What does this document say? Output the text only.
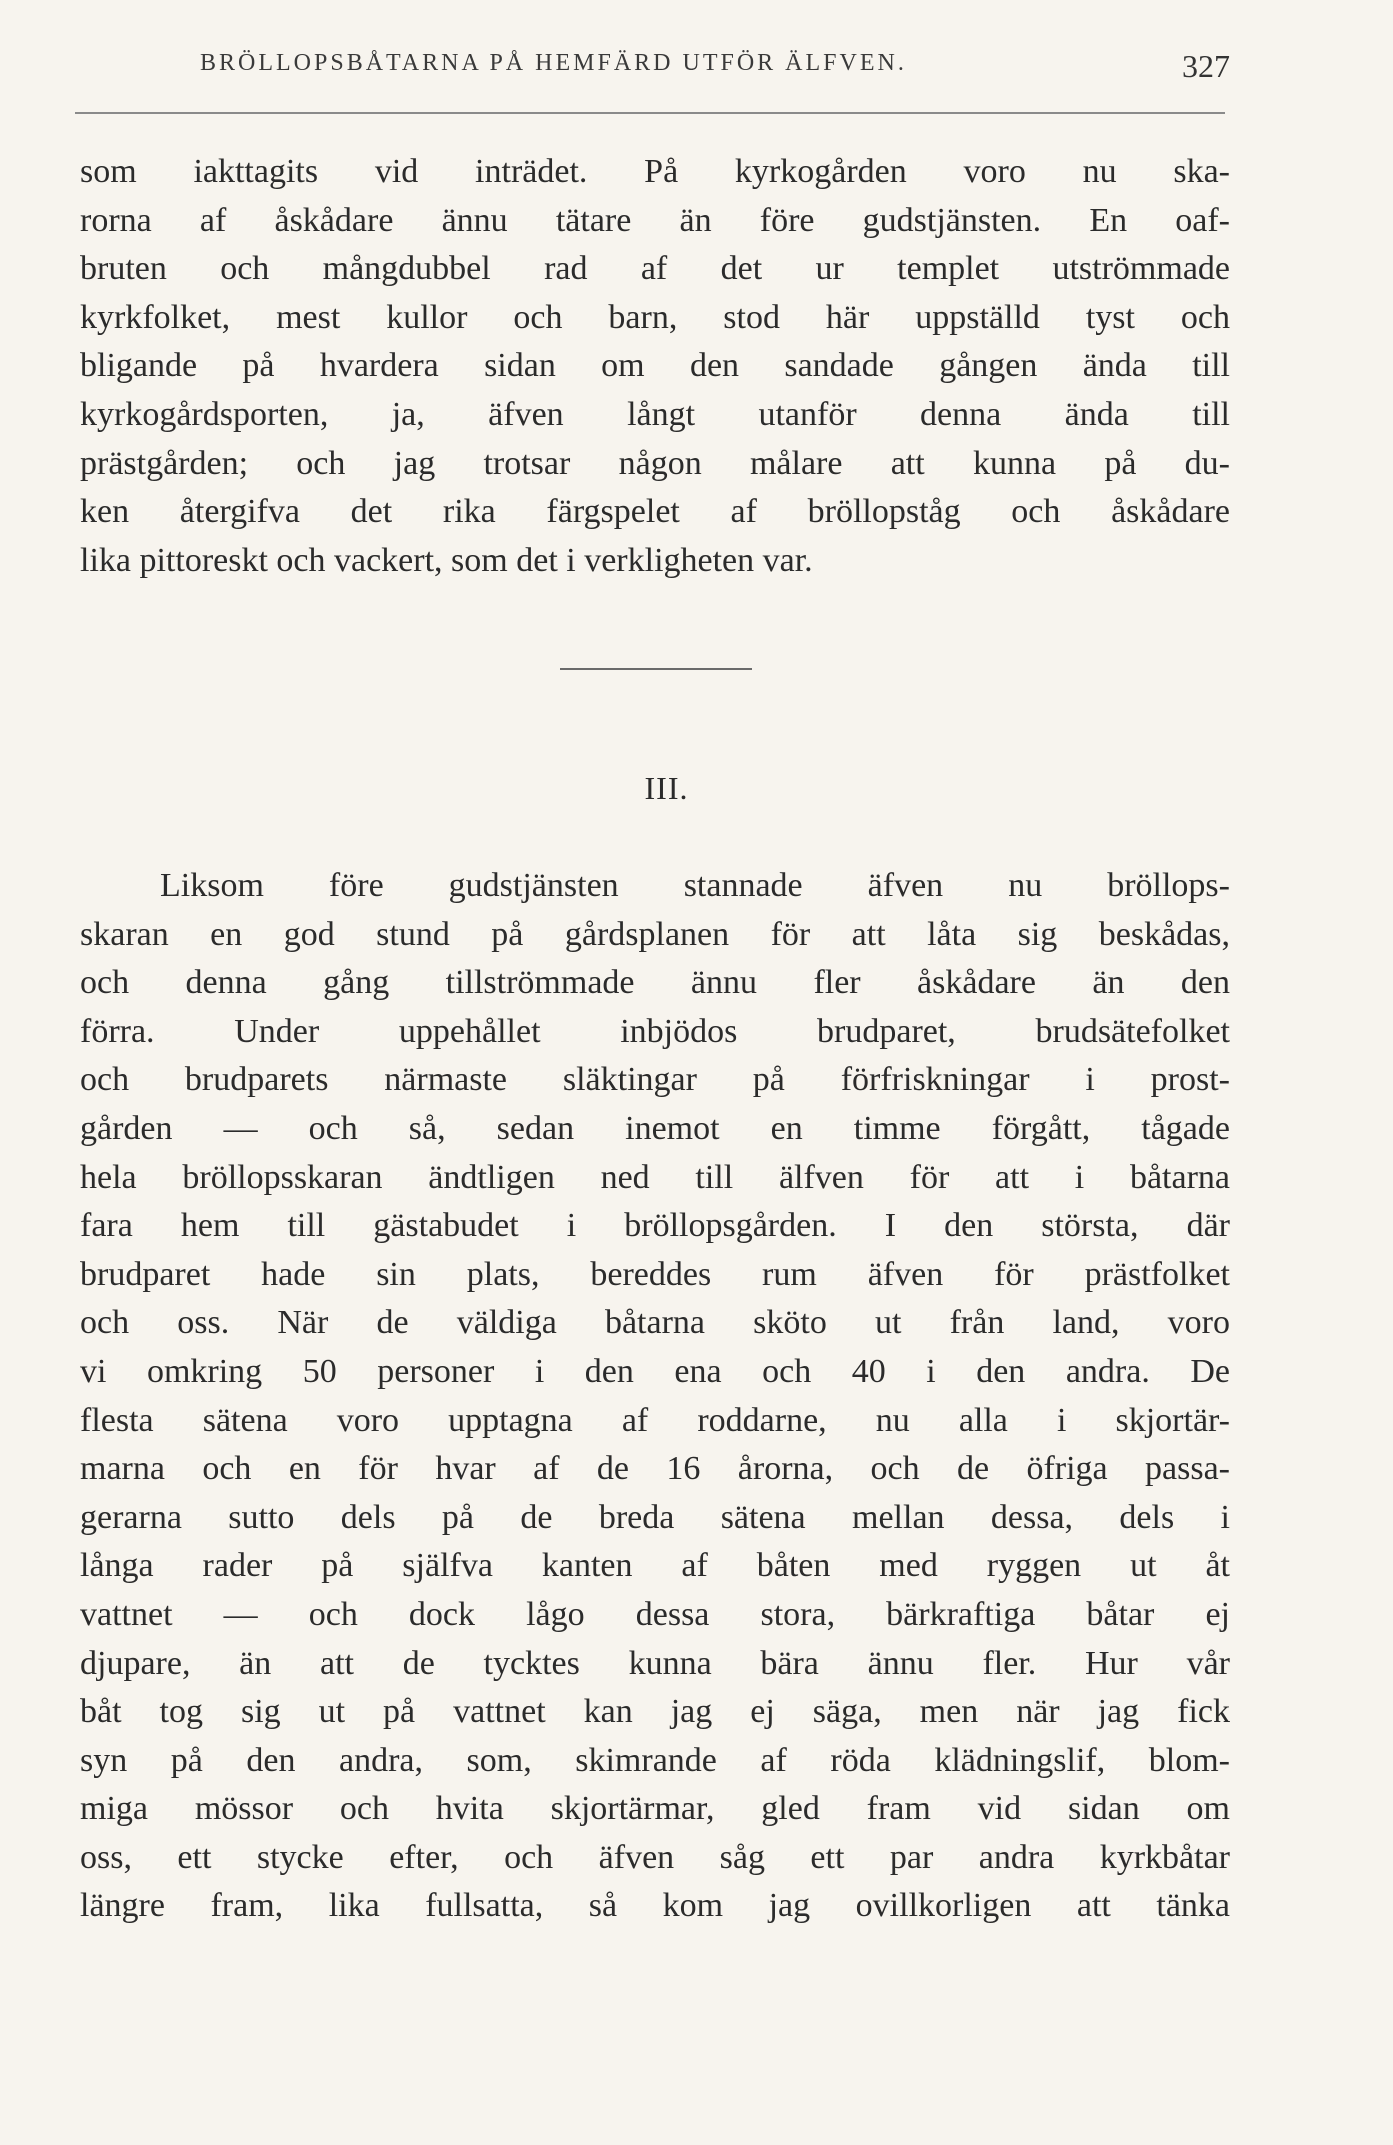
BRÖLLOPSBÅTARNA PÅ HEMFÄRD UTFÖR ÄLFVEN.	327
som iakttagits vid inträdet. På kyrkogården voro nu ska-
rorna af åskådare ännu tätare än före gudstjänsten. En oaf-
bruten och mångdubbel rad af det ur templet utströmmade
kyrkfolket, mest kullor och barn, stod här uppställd tyst och
bligande på hvardera sidan om den sandade gången ända till
kyrkogårdsporten, ja, äfven långt utanför denna ända till
prästgården; och jag trotsar någon målare att kunna på du-
ken återgifva det rika färgspelet af bröllopståg och åskådare
lika pittoreskt och vackert, som det i verkligheten var.
III.
Liksom före gudstjänsten stannade äfven nu bröllops-
skaran en god stund på gårdsplanen för att låta sig beskådas,
och denna gång tillströmmade ännu fler åskådare än den
förra. Under uppehållet inbjödos brudparet, brudsätefolket
och brudparets närmaste släktingar på förfriskningar i prost-
gården — och så, sedan inemot en timme förgått, tågade
hela bröllopsskaran ändtligen ned till älfven för att i båtarna
fara hem till gästabudet i bröllopsgården. I den största, där
brudparet hade sin plats, bereddes rum äfven för prästfolket
och oss. När de väldiga båtarna sköto ut från land, voro
vi omkring 50 personer i den ena och 40 i den andra. De
flesta sätena voro upptagna af roddarne, nu alla i skjortär-
marna och en för hvar af de 16 årorna, och de öfriga passa-
gerarna sutto dels på de breda sätena mellan dessa, dels i
långa rader på själfva kanten af båten med ryggen ut åt
vattnet — och dock lågo dessa stora, bärkraftiga båtar ej
djupare, än att de tycktes kunna bära ännu fler. Hur vår
båt tog sig ut på vattnet kan jag ej säga, men när jag fick
syn på den andra, som, skimrande af röda klädningslif, blom-
miga mössor och hvita skjortärmar, gled fram vid sidan om
oss, ett stycke efter, och äfven såg ett par andra kyrkbåtar
längre fram, lika fullsatta, så kom jag ovillkorligen att tänka
